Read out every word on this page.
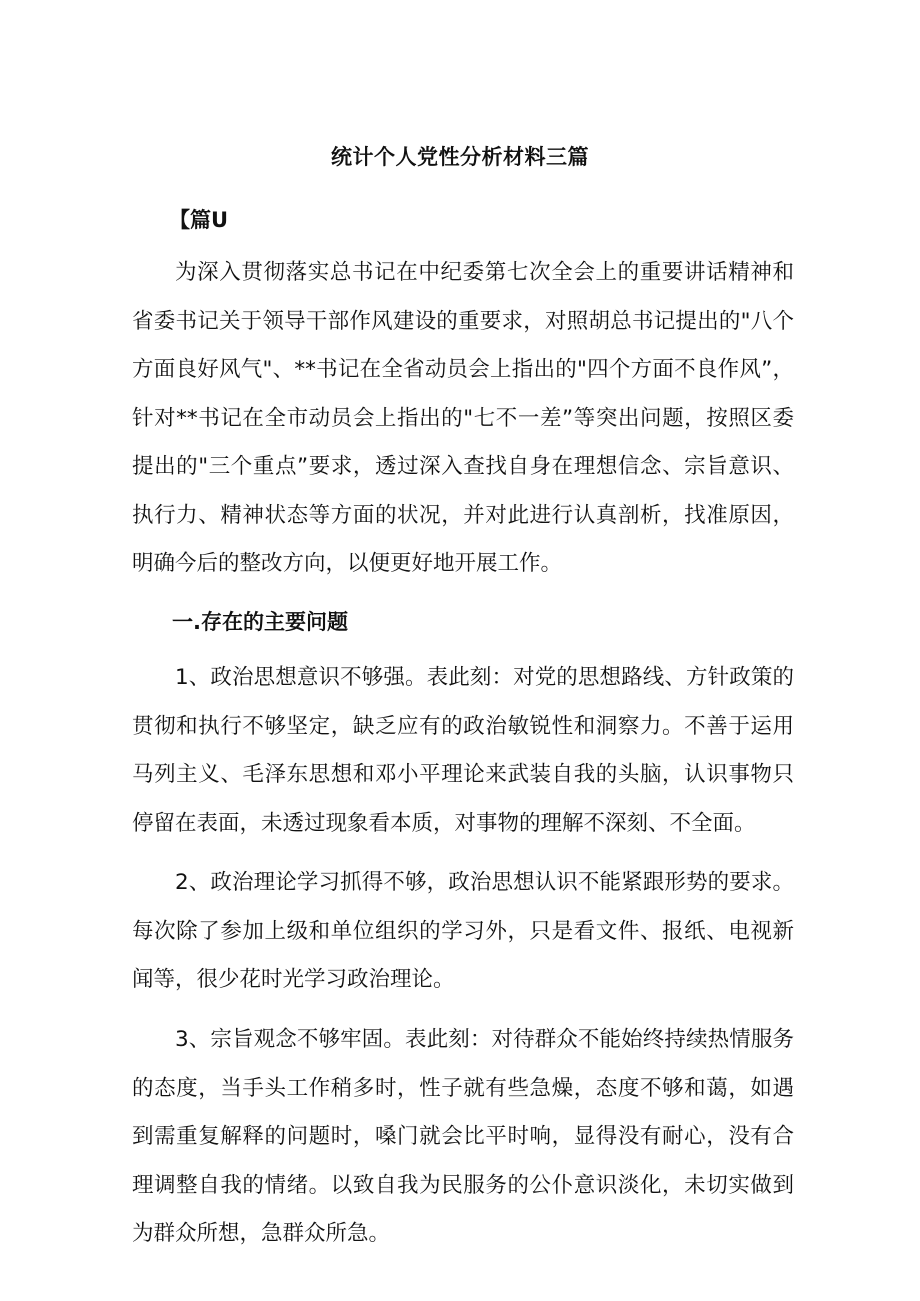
统计个人党性分析材料三篇
【篇U

为深入贯彻落实总书记在中纪委第七次全会上的重要讲话精神和省委书记关于领导干部作风建设的重要求，对照胡总书记提出的"八个方面良好风气"、**书记在全省动员会上指出的"四个方面不良作风”，针对**书记在全市动员会上指出的"七不一差”等突出问题，按照区委提出的"三个重点”要求，透过深入查找自身在理想信念、宗旨意识、执行力、精神状态等方面的状况，并对此进行认真剖析，找准原因，明确今后的整改方向，以便更好地开展工作。

一.存在的主要问题

1、政治思想意识不够强。表此刻：对党的思想路线、方针政策的贯彻和执行不够坚定，缺乏应有的政治敏锐性和洞察力。不善于运用马列主义、毛泽东思想和邓小平理论来武装自我的头脑，认识事物只停留在表面，未透过现象看本质，对事物的理解不深刻、不全面。

2、政治理论学习抓得不够，政治思想认识不能紧跟形势的要求。每次除了参加上级和单位组织的学习外，只是看文件、报纸、电视新闻等，很少花时光学习政治理论。

3、宗旨观念不够牢固。表此刻：对待群众不能始终持续热情服务的态度，当手头工作稍多时，性子就有些急燥，态度不够和蔼，如遇到需重复解释的问题时，嗓门就会比平时响，显得没有耐心，没有合理调整自我的情绪。以致自我为民服务的公仆意识淡化，未切实做到为群众所想，急群众所急。
